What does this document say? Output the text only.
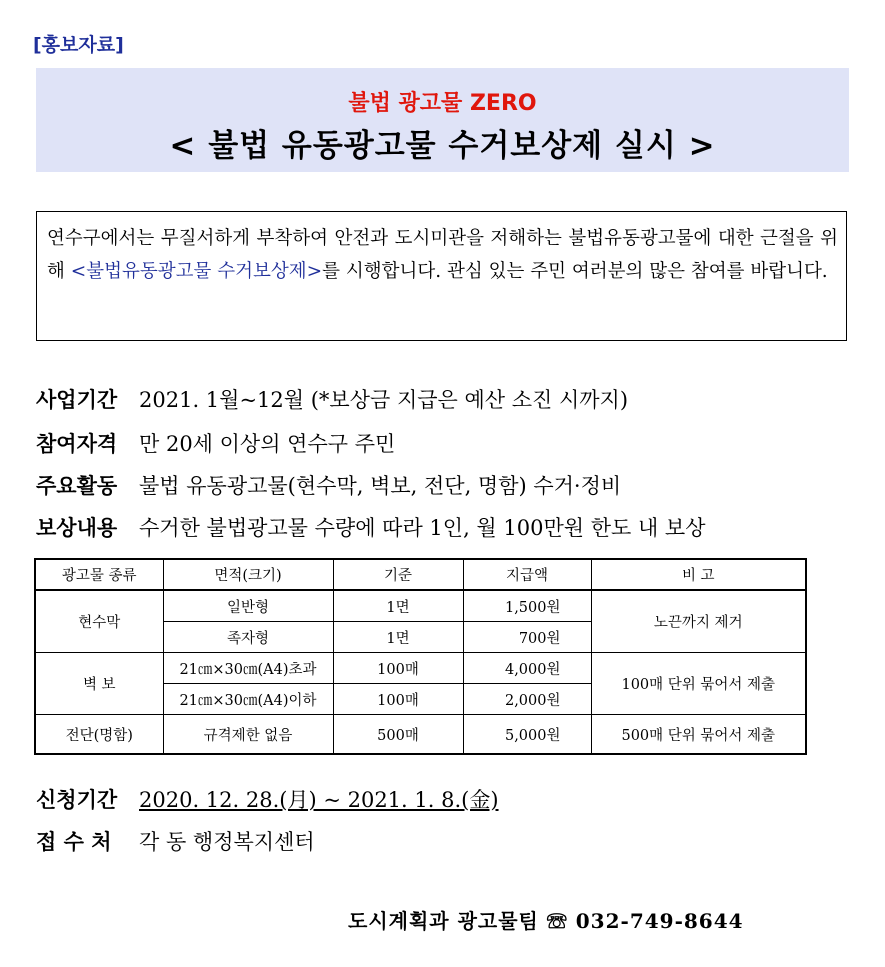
[홍보자료]
불법 광고물 ZERO
< 불법 유동광고물 수거보상제 실시 >
연수구에서는 무질서하게 부착하여 안전과 도시미관을 저해하는 불법유동광고물에 대한 근절을 위해 <불법유동광고물 수거보상제>를 시행합니다. 관심 있는 주민 여러분의 많은 참여를 바랍니다.
사업기간 2021. 1월~12월 (*보상금 지급은 예산 소진 시까지)
참여자격 만 20세 이상의 연수구 주민
주요활동 불법 유동광고물(현수막, 벽보, 전단, 명함) 수거·정비
보상내용 수거한 불법광고물 수량에 따라 1인, 월 100만원 한도 내 보상
광고물 종류	면적(크기)	기준	지급액	비 고
현수막	일반형	1면	1,500원	노끈까지 제거
	족자형	1면	700원	
벽 보	21㎝×30㎝(A4)초과	100매	4,000원	100매 단위 묶어서 제출
	21㎝×30㎝(A4)이하	100매	2,000원	
전단(명함)	규격제한 없음	500매	5,000원	500매 단위 묶어서 제출
신청기간 2020. 12. 28.(月) ~ 2021. 1. 8.(金)
접 수 처 각 동 행정복지센터
도시계획과 광고물팀 ☏ 032-749-8644
